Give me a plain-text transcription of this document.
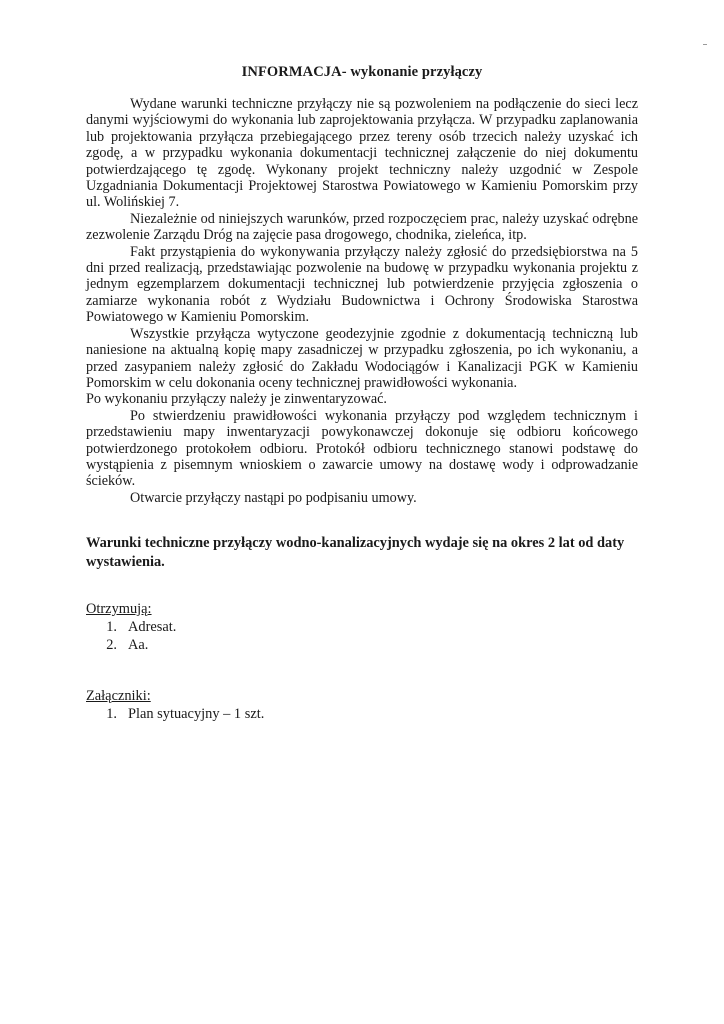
INFORMACJA- wykonanie przyłączy

Wydane warunki techniczne przyłączy nie są pozwoleniem na podłączenie do sieci lecz danymi wyjściowymi do wykonania lub zaprojektowania przyłącza. W przypadku zaplanowania lub projektowania przyłącza przebiegającego przez tereny osób trzecich należy uzyskać ich zgodę, a w przypadku wykonania dokumentacji technicznej załączenie do niej dokumentu potwierdzającego tę zgodę. Wykonany projekt techniczny należy uzgodnić w Zespole Uzgadniania Dokumentacji Projektowej Starostwa Powiatowego w Kamieniu Pomorskim przy ul. Wolińskiej 7.

Niezależnie od niniejszych warunków, przed rozpoczęciem prac, należy uzyskać odrębne zezwolenie Zarządu Dróg na zajęcie pasa drogowego, chodnika, zieleńca, itp.

Fakt przystąpienia do wykonywania przyłączy należy zgłosić do przedsiębiorstwa na 5 dni przed realizacją, przedstawiając pozwolenie na budowę w przypadku wykonania projektu z jednym egzemplarzem dokumentacji technicznej lub potwierdzenie przyjęcia zgłoszenia o zamiarze wykonania robót z Wydziału Budownictwa i Ochrony Środowiska Starostwa Powiatowego w Kamieniu Pomorskim.

Wszystkie przyłącza wytyczone geodezyjnie zgodnie z dokumentacją techniczną lub naniesione na aktualną kopię mapy zasadniczej w przypadku zgłoszenia, po ich wykonaniu, a przed zasypaniem należy zgłosić do Zakładu Wodociągów i Kanalizacji PGK w Kamieniu Pomorskim w celu dokonania oceny technicznej prawidłowości wykonania.

Po wykonaniu przyłączy należy je zinwentaryzować.

Po stwierdzeniu prawidłowości wykonania przyłączy pod względem technicznym i przedstawieniu mapy inwentaryzacji powykonawczej dokonuje się odbioru końcowego potwierdzonego protokołem odbioru. Protokół odbioru technicznego stanowi podstawę do wystąpienia z pisemnym wnioskiem o zawarcie umowy na dostawę wody i odprowadzanie ścieków.

Otwarcie przyłączy nastąpi po podpisaniu umowy.

Warunki techniczne przyłączy wodno-kanalizacyjnych wydaje się na okres 2 lat od daty wystawienia.
Otrzymują:
1. Adresat.
2. Aa.
Załączniki:
1. Plan sytuacyjny – 1 szt.
